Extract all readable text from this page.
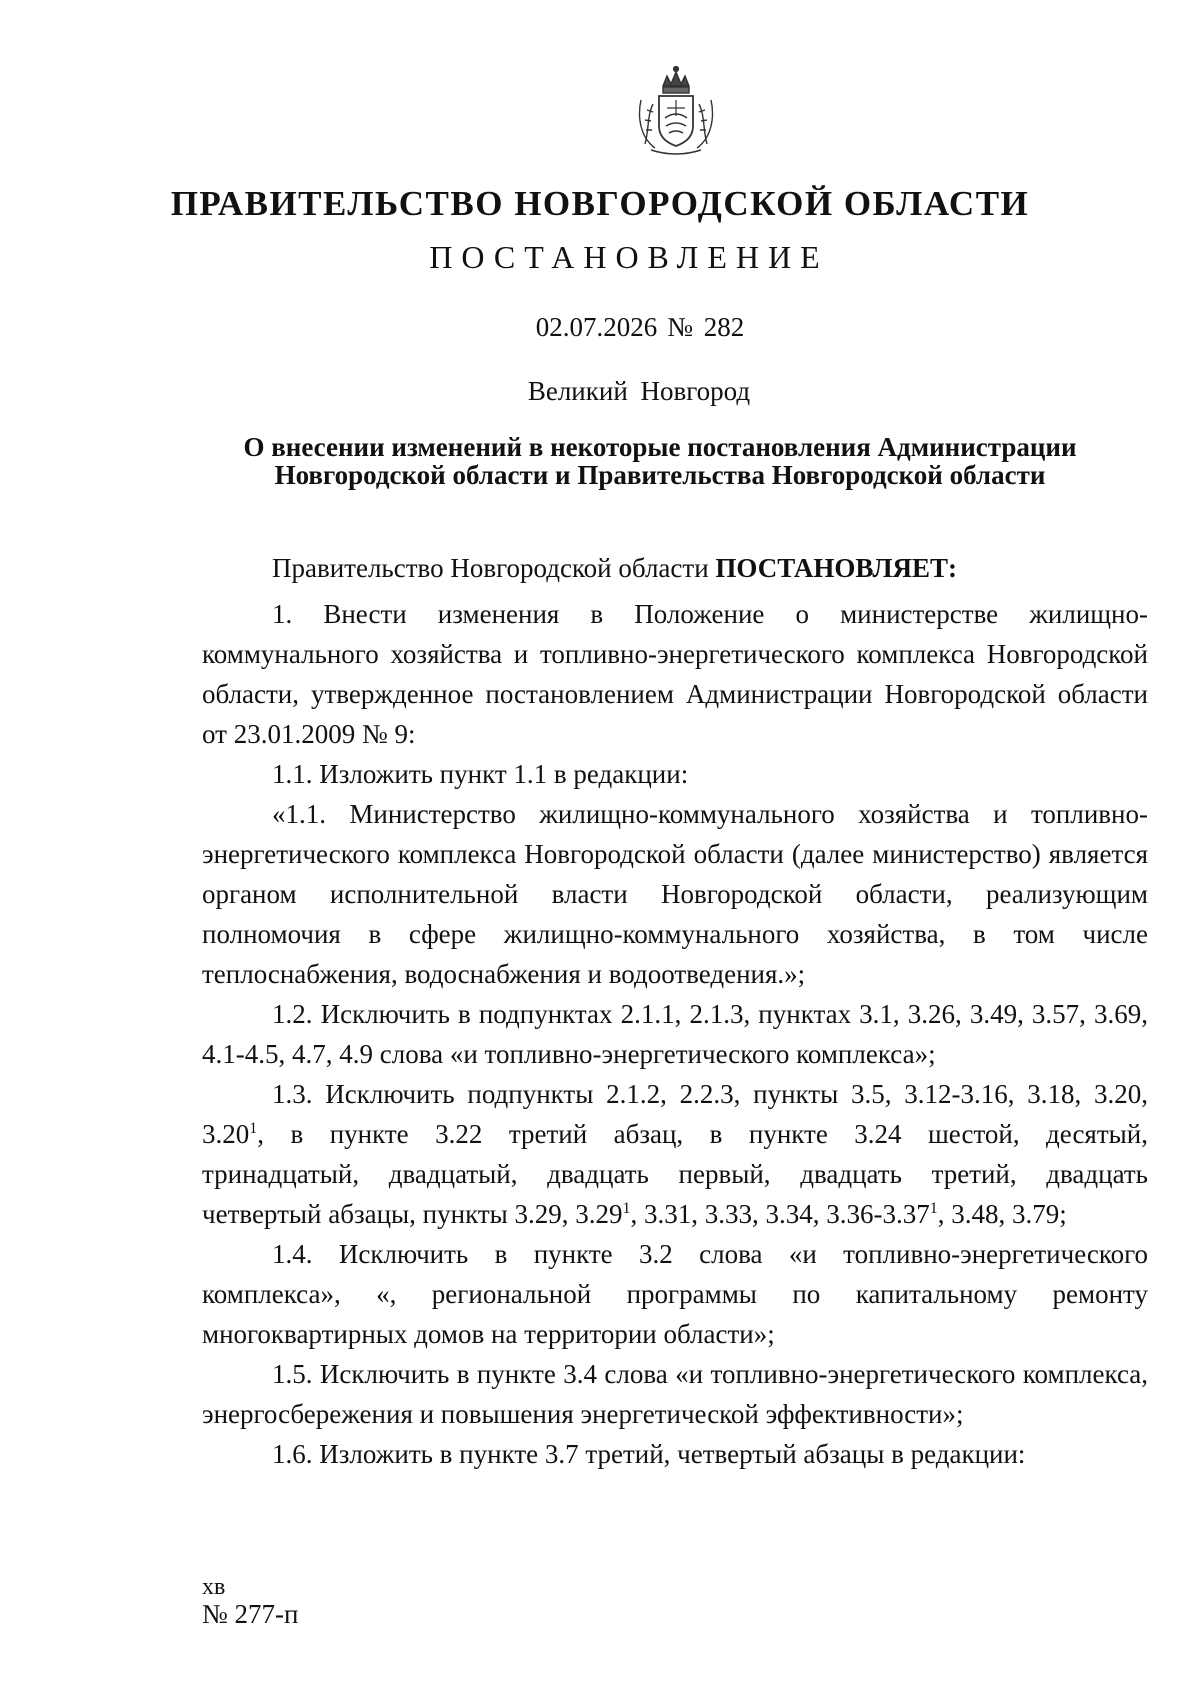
ПРАВИТЕЛЬСТВО НОВГОРОДСКОЙ ОБЛАСТИ
ПОСТАНОВЛЕНИЕ
02.07.2026 № 282
Великий Новгород
О внесении изменений в некоторые постановления Администрации
Новгородской области и Правительства Новгородской области

Правительство Новгородской области ПОСТАНОВЛЯЕТ:

1. Внести изменения в Положение о министерстве жилищно-коммунального хозяйства и топливно-энергетического комплекса Новгородской области, утвержденное постановлением Администрации Новгородской области от 23.01.2009 № 9:

1.1. Изложить пункт 1.1 в редакции:

«1.1. Министерство жилищно-коммунального хозяйства и топливно-энергетического комплекса Новгородской области (далее министерство) является органом исполнительной власти Новгородской области, реализующим полномочия в сфере жилищно-коммунального хозяйства, в том числе теплоснабжения, водоснабжения и водоотведения.»;

1.2. Исключить в подпунктах 2.1.1, 2.1.3, пунктах 3.1, 3.26, 3.49, 3.57, 3.69, 4.1-4.5, 4.7, 4.9 слова «и топливно-энергетического комплекса»;

1.3. Исключить подпункты 2.1.2, 2.2.3, пункты 3.5, 3.12-3.16, 3.18, 3.20,
3.20$^1$, в пункте 3.22 третий абзац, в пункте 3.24 шестой, десятый,
тринадцатый, двадцатый, двадцать первый, двадцать третий, двадцать
четвертый абзацы, пункты 3.29, 3.29$^1$, 3.31, 3.33, 3.34, 3.36-3.37$^1$, 3.48, 3.79;

1.4. Исключить в пункте 3.2 слова «и топливно-энергетического комплекса», «, региональной программы по капитальному ремонту многоквартирных домов на территории области»;

1.5. Исключить в пункте 3.4 слова «и топливно-энергетического комплекса, энергосбережения и повышения энергетической эффективности»;

1.6. Изложить в пункте 3.7 третий, четвертый абзацы в редакции:

хв
№ 277-п
